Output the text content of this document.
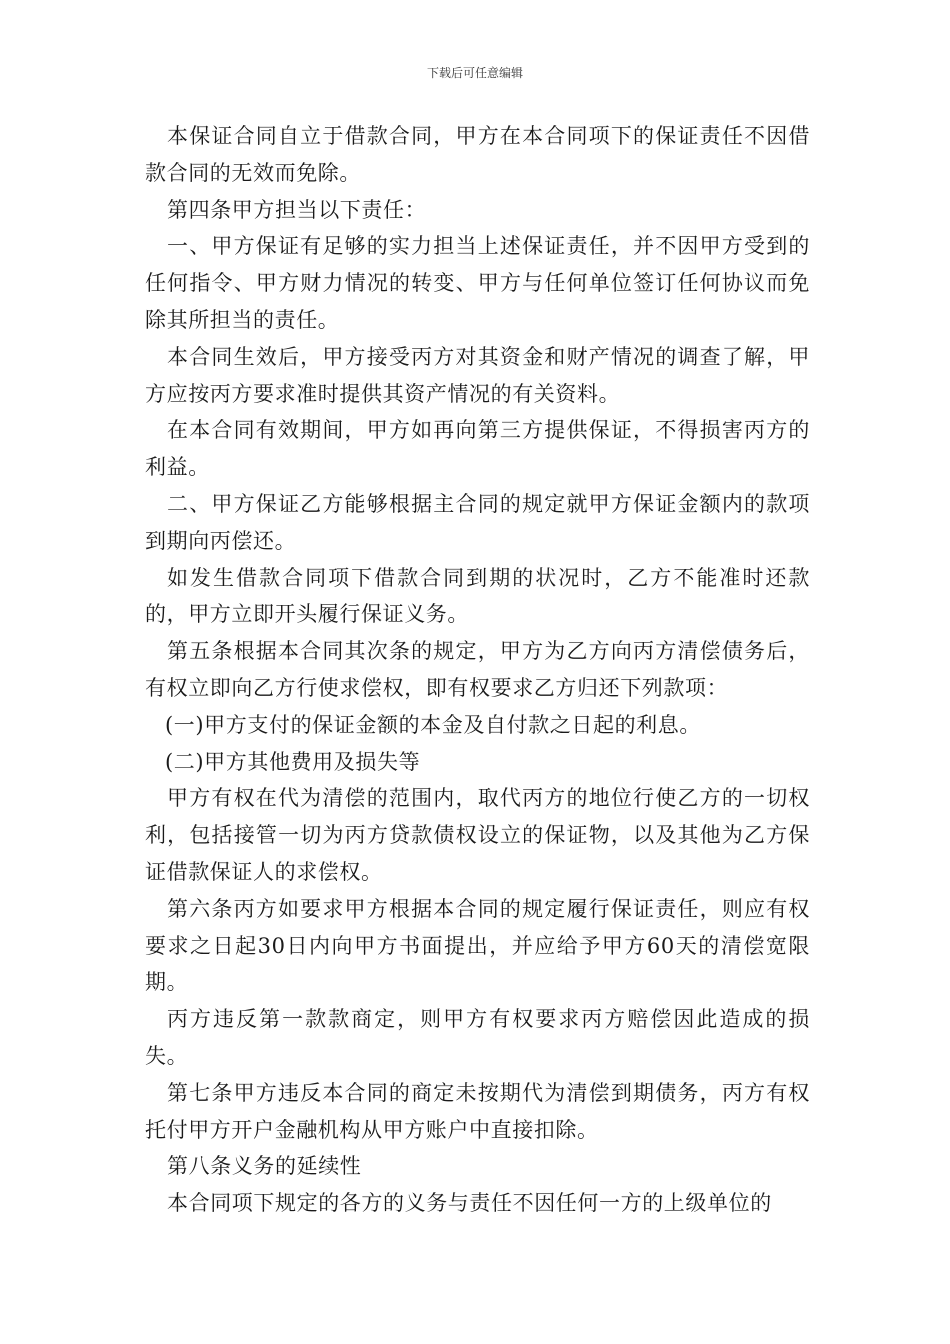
下载后可任意编辑

本保证合同自立于借款合同，甲方在本合同项下的保证责任不因借款合同的无效而免除。

第四条甲方担当以下责任：

一、甲方保证有足够的实力担当上述保证责任，并不因甲方受到的任何指令、甲方财力情况的转变、甲方与任何单位签订任何协议而免除其所担当的责任。

本合同生效后，甲方接受丙方对其资金和财产情况的调查了解，甲方应按丙方要求准时提供其资产情况的有关资料。

在本合同有效期间，甲方如再向第三方提供保证，不得损害丙方的利益。

二、甲方保证乙方能够根据主合同的规定就甲方保证金额内的款项到期向丙偿还。

如发生借款合同项下借款合同到期的状况时，乙方不能准时还款的，甲方立即开头履行保证义务。

第五条根据本合同其次条的规定，甲方为乙方向丙方清偿债务后，有权立即向乙方行使求偿权，即有权要求乙方归还下列款项：

(一)甲方支付的保证金额的本金及自付款之日起的利息。

(二)甲方其他费用及损失等

甲方有权在代为清偿的范围内，取代丙方的地位行使乙方的一切权利，包括接管一切为丙方贷款债权设立的保证物，以及其他为乙方保证借款保证人的求偿权。

第六条丙方如要求甲方根据本合同的规定履行保证责任，则应有权要求之日起30日内向甲方书面提出，并应给予甲方60天的清偿宽限期。

丙方违反第一款款商定，则甲方有权要求丙方赔偿因此造成的损失。

第七条甲方违反本合同的商定未按期代为清偿到期债务，丙方有权托付甲方开户金融机构从甲方账户中直接扣除。

第八条义务的延续性

本合同项下规定的各方的义务与责任不因任何一方的上级单位的
